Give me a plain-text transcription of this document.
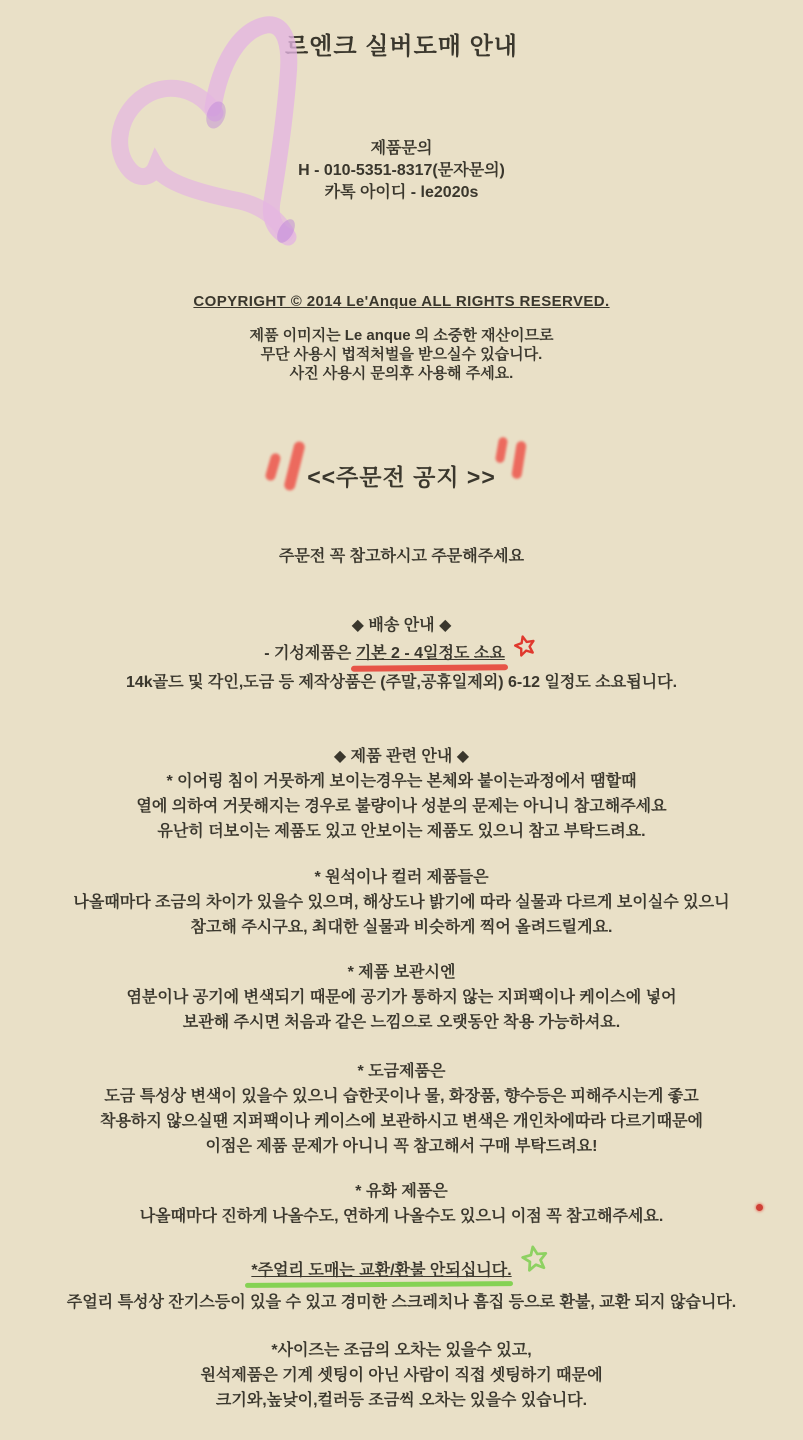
르엔크 실버도매 안내
제품문의
H - 010-5351-8317(문자문의)
카톡 아이디 - le2020s
COPYRIGHT © 2014 Le'Anque ALL RIGHTS RESERVED.
제품 이미지는 Le anque 의 소중한 재산이므로
무단 사용시 법적처벌을 받으실수 있습니다.
사진 사용시 문의후 사용해 주세요.
<<주문전 공지 >>
주문전 꼭 참고하시고 주문해주세요
◆ 배송 안내 ◆
- 기성제품은 기본 2 - 4일정도 소요
14k골드 및 각인,도금 등 제작상품은 (주말,공휴일제외) 6-12 일정도 소요됩니다.
◆ 제품 관련 안내 ◆
* 이어링 침이 거뭇하게 보이는경우는 본체와 붙이는과정에서 땜할때
열에 의하여 거뭇해지는 경우로 불량이나 성분의 문제는 아니니 참고해주세요
유난히 더보이는 제품도 있고 안보이는 제품도 있으니 참고 부탁드려요.
* 원석이나 컬러 제품들은
나올때마다 조금의 차이가 있을수 있으며, 해상도나 밝기에 따라 실물과 다르게 보이실수 있으니
참고해 주시구요, 최대한 실물과 비슷하게 찍어 올려드릴게요.
* 제품 보관시엔
염분이나 공기에 변색되기 때문에 공기가 통하지 않는 지퍼팩이나 케이스에 넣어
보관해 주시면 처음과 같은 느낌으로 오랫동안 착용 가능하셔요.
* 도금제품은
도금 특성상 변색이 있을수 있으니 습한곳이나 물, 화장품, 향수등은 피해주시는게 좋고
착용하지 않으실땐 지퍼팩이나 케이스에 보관하시고 변색은 개인차에따라 다르기때문에
이점은 제품 문제가 아니니 꼭 참고해서 구매 부탁드려요!
* 유화 제품은
나올때마다 진하게 나올수도, 연하게 나올수도 있으니 이점 꼭 참고해주세요.
*주얼리 도매는 교환/환불 안되십니다.
주얼리 특성상 잔기스등이 있을 수 있고 경미한 스크레치나 흠집 등으로 환불, 교환 되지 않습니다.
*사이즈는 조금의 오차는 있을수 있고,
원석제품은 기계 셋팅이 아닌 사람이 직접 셋팅하기 때문에
크기와,높낮이,컬러등 조금씩 오차는 있을수 있습니다.
